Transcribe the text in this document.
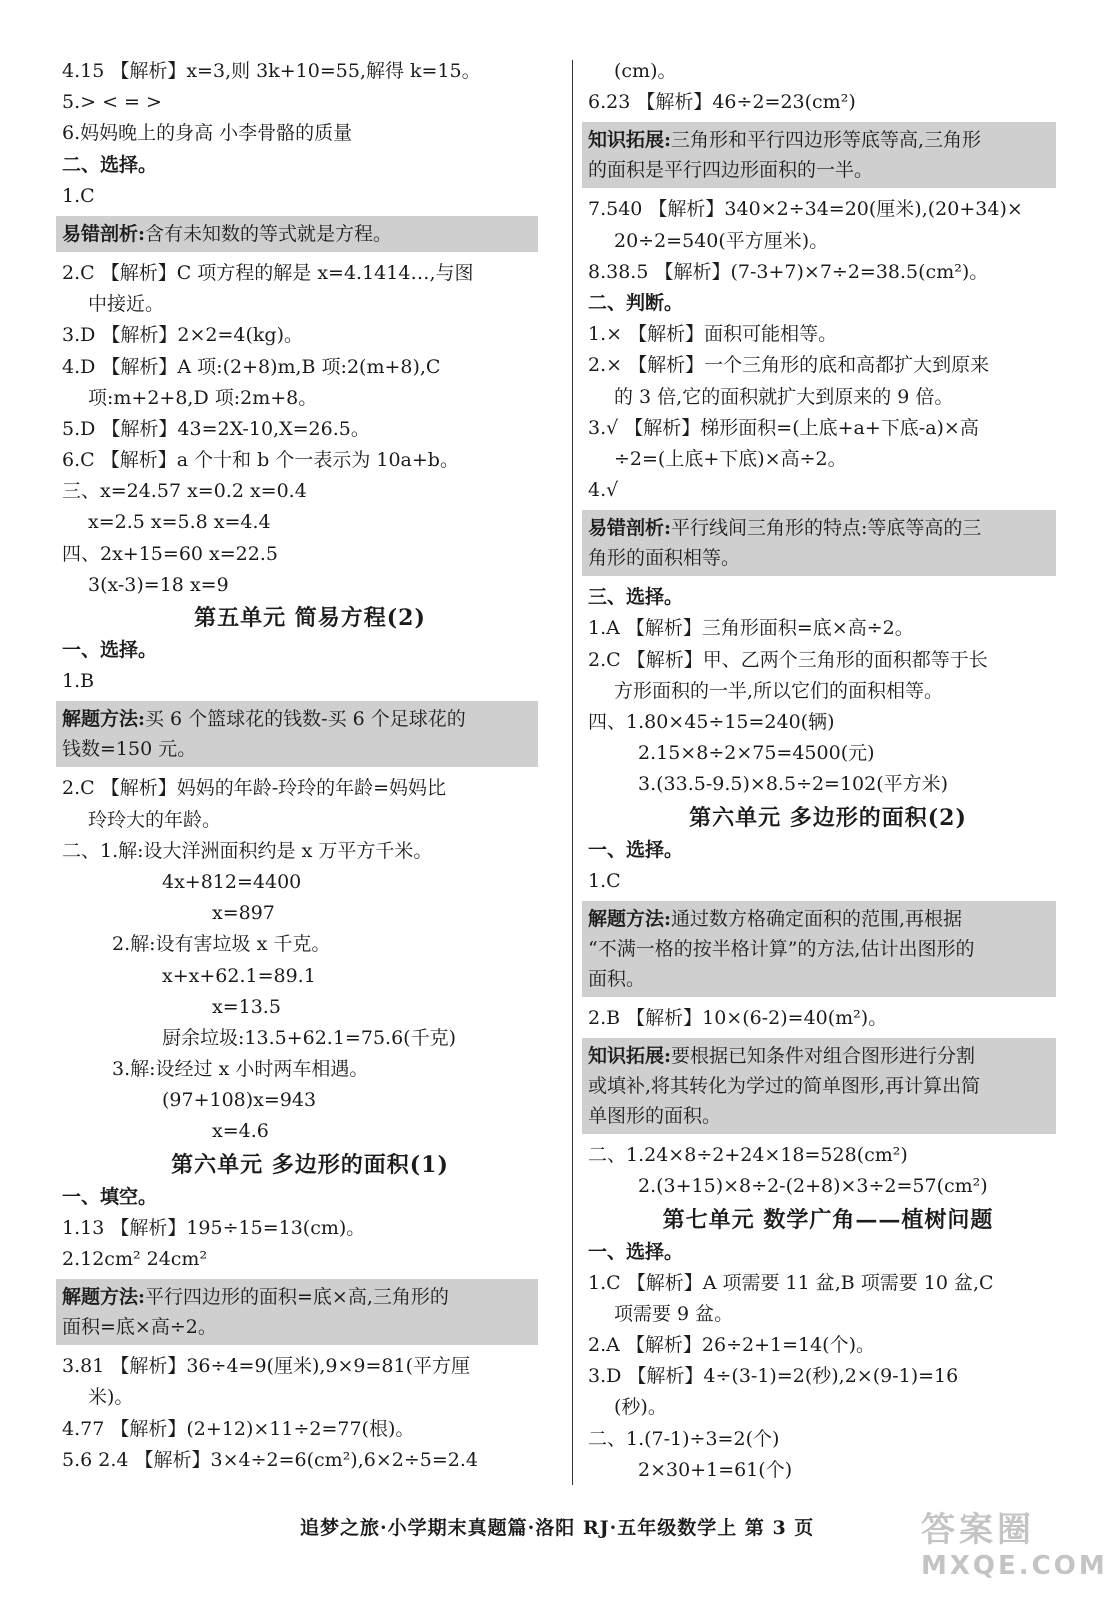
4.15 【解析】x=3,则 3k+10=55,解得 k=15。
5.> < = >
6.妈妈晚上的身高 小李骨骼的质量
二、选择。
1.C
易错剖析:含有未知数的等式就是方程。
2.C 【解析】C 项方程的解是 x=4.1414…,与图
中接近。
3.D 【解析】2×2=4(kg)。
4.D 【解析】A 项:(2+8)m,B 项:2(m+8),C
项:m+2+8,D 项:2m+8。
5.D 【解析】43=2X-10,X=26.5。
6.C 【解析】a 个十和 b 个一表示为 10a+b。
三、x=24.57 x=0.2 x=0.4
x=2.5 x=5.8 x=4.4
四、2x+15=60 x=22.5
3(x-3)=18 x=9
第五单元 简易方程(2)
一、选择。
1.B
解题方法:买 6 个篮球花的钱数-买 6 个足球花的
钱数=150 元。
2.C 【解析】妈妈的年龄-玲玲的年龄=妈妈比
玲玲大的年龄。
二、1.解:设大洋洲面积约是 x 万平方千米。
4x+812=4400
x=897
2.解:设有害垃圾 x 千克。
x+x+62.1=89.1
x=13.5
厨余垃圾:13.5+62.1=75.6(千克)
3.解:设经过 x 小时两车相遇。
(97+108)x=943
x=4.6
第六单元 多边形的面积(1)
一、填空。
1.13 【解析】195÷15=13(cm)。
2.12cm² 24cm²
解题方法:平行四边形的面积=底×高,三角形的
面积=底×高÷2。
3.81 【解析】36÷4=9(厘米),9×9=81(平方厘
米)。
4.77 【解析】(2+12)×11÷2=77(根)。
5.6 2.4 【解析】3×4÷2=6(cm²),6×2÷5=2.4
(cm)。
6.23 【解析】46÷2=23(cm²)
知识拓展:三角形和平行四边形等底等高,三角形
的面积是平行四边形面积的一半。
7.540 【解析】340×2÷34=20(厘米),(20+34)×
20÷2=540(平方厘米)。
8.38.5 【解析】(7-3+7)×7÷2=38.5(cm²)。
二、判断。
1.× 【解析】面积可能相等。
2.× 【解析】一个三角形的底和高都扩大到原来
的 3 倍,它的面积就扩大到原来的 9 倍。
3.√ 【解析】梯形面积=(上底+a+下底-a)×高
÷2=(上底+下底)×高÷2。
4.√
易错剖析:平行线间三角形的特点:等底等高的三
角形的面积相等。
三、选择。
1.A 【解析】三角形面积=底×高÷2。
2.C 【解析】甲、乙两个三角形的面积都等于长
方形面积的一半,所以它们的面积相等。
四、1.80×45÷15=240(辆)
2.15×8÷2×75=4500(元)
3.(33.5-9.5)×8.5÷2=102(平方米)
第六单元 多边形的面积(2)
一、选择。
1.C
解题方法:通过数方格确定面积的范围,再根据
“不满一格的按半格计算”的方法,估计出图形的
面积。
2.B 【解析】10×(6-2)=40(m²)。
知识拓展:要根据已知条件对组合图形进行分割
或填补,将其转化为学过的简单图形,再计算出简
单图形的面积。
二、1.24×8÷2+24×18=528(cm²)
2.(3+15)×8÷2-(2+8)×3÷2=57(cm²)
第七单元 数学广角——植树问题
一、选择。
1.C 【解析】A 项需要 11 盆,B 项需要 10 盆,C
项需要 9 盆。
2.A 【解析】26÷2+1=14(个)。
3.D 【解析】4÷(3-1)=2(秒),2×(9-1)=16
(秒)。
二、1.(7-1)÷3=2(个)
2×30+1=61(个)
追梦之旅·小学期末真题篇·洛阳 RJ·五年级数学上 第 3 页	答案圈
MXQE.COM
